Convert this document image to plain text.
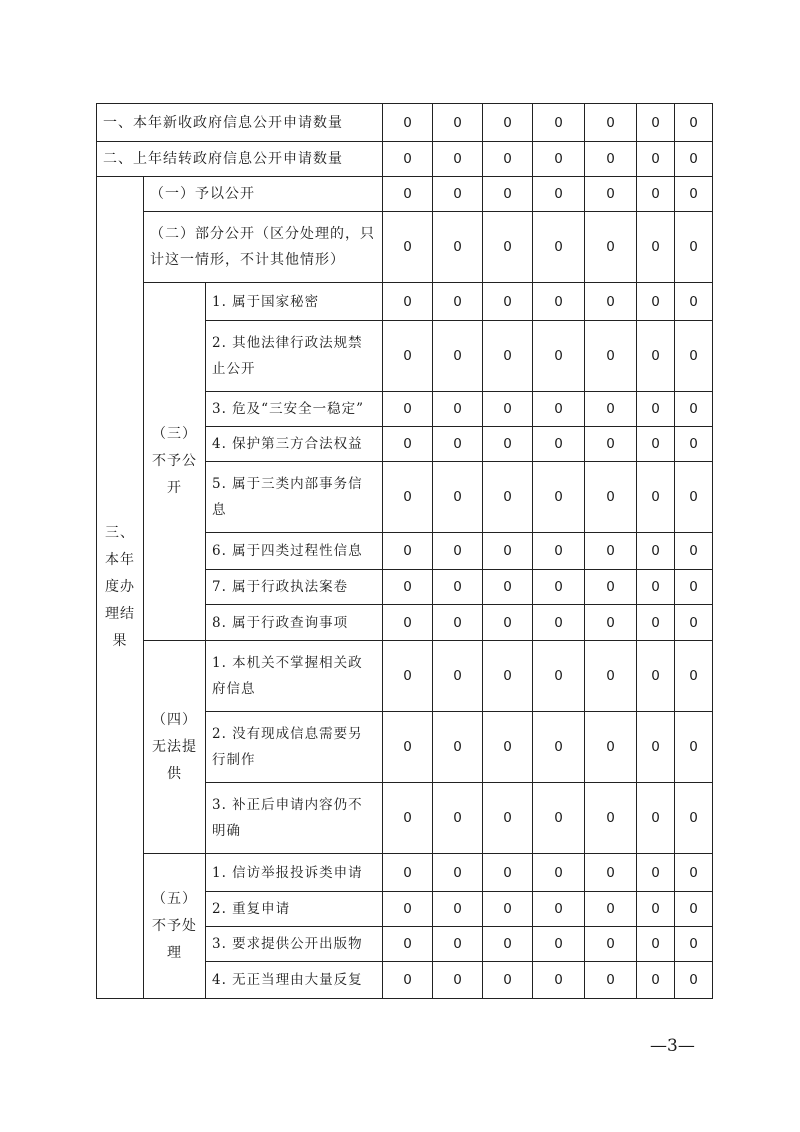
一、本年新收政府信息公开申请数量			0	0	0	0	0	0	0
二、上年结转政府信息公开申请数量			0	0	0	0	0	0	0

三、
本年
度办
理结
果	（一）予以公开		0	0	0	0	0	0	0
	（二）部分公开（区分处理的，只计这一情形，不计其他情形）		0	0	0	0	0	0	0

	（三）
不予公
开	1. 属于国家秘密	0	0	0	0	0	0	0
		2. 其他法律行政法规禁止公开	0	0	0	0	0	0	0
		3. 危及“三安全一稳定”	0	0	0	0	0	0	0
		4. 保护第三方合法权益	0	0	0	0	0	0	0
		5. 属于三类内部事务信息	0	0	0	0	0	0	0
		6. 属于四类过程性信息	0	0	0	0	0	0	0
		7. 属于行政执法案卷	0	0	0	0	0	0	0
		8. 属于行政查询事项	0	0	0	0	0	0	0

	（四）
无法提
供	1. 本机关不掌握相关政府信息	0	0	0	0	0	0	0
		2. 没有现成信息需要另行制作	0	0	0	0	0	0	0
		3. 补正后申请内容仍不明确	0	0	0	0	0	0	0

	（五）
不予处
理	1. 信访举报投诉类申请	0	0	0	0	0	0	0
		2. 重复申请	0	0	0	0	0	0	0
		3. 要求提供公开出版物	0	0	0	0	0	0	0
		4. 无正当理由大量反复	0	0	0	0	0	0	0
—3—
